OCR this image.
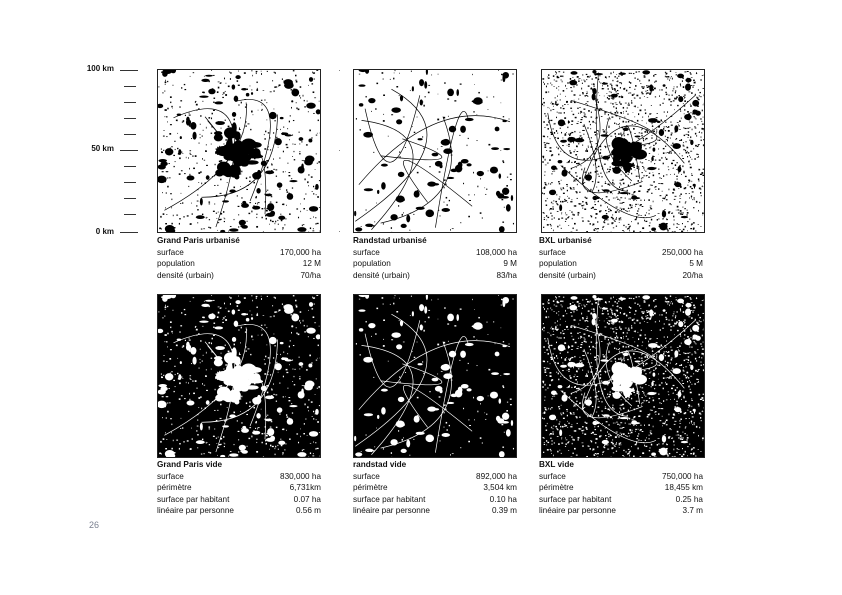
100 km
50 km
0 km
Grand Paris urbanisé
surface	170,000 ha
population	12 M
densité (urbain)	70/ha
Randstad urbanisé
surface	108,000 ha
population	9 M
densité (urbain)	83/ha
BXL urbanisé
surface	250,000 ha
population	5 M
densité (urbain)	20/ha
Grand Paris vide
surface	830,000 ha
périmètre	6,731km
surface par habitant	0.07 ha
linéaire par personne	0.56 m
randstad vide
surface	892,000 ha
périmètre	3,504 km
surface par habitant	0.10 ha
linéaire par personne	0.39 m
BXL vide
surface	750,000 ha
périmètre	18,455 km
surface par habitant	0.25 ha
linéaire par personne	3.7 m
26
